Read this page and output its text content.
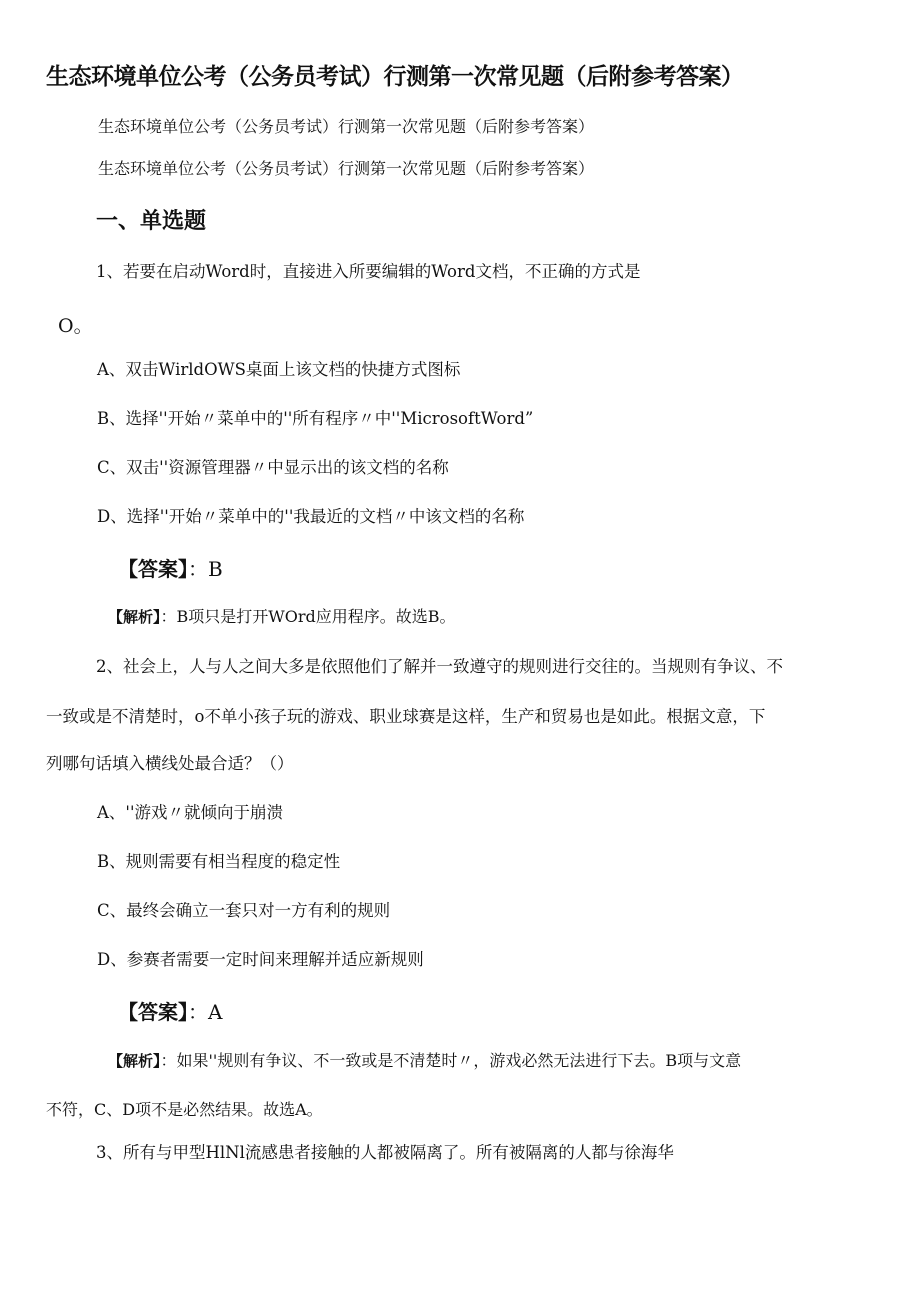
生态环境单位公考（公务员考试）行测第一次常见题（后附参考答案）
生态环境单位公考（公务员考试）行测第一次常见题（后附参考答案）
生态环境单位公考（公务员考试）行测第一次常见题（后附参考答案）
一、单选题
1、若要在启动Word时，直接进入所要编辑的Word文档，不正确的方式是
O。
A、双击WirldOWS桌面上该文档的快捷方式图标
B、选择''开始〃菜单中的''所有程序〃中''MicrosoftWord”
C、双击''资源管理器〃中显示出的该文档的名称
D、选择''开始〃菜单中的''我最近的文档〃中该文档的名称
【答案】：B
【解析】：B项只是打开WOrd应用程序。故选B。
2、社会上，人与人之间大多是依照他们了解并一致遵守的规则进行交往的。当规则有争议、不
一致或是不清楚时，o不单小孩子玩的游戏、职业球赛是这样，生产和贸易也是如此。根据文意，下
列哪句话填入横线处最合适？（）
A、''游戏〃就倾向于崩溃
B、规则需要有相当程度的稳定性
C、最终会确立一套只对一方有利的规则
D、参赛者需要一定时间来理解并适应新规则
【答案】：A
【解析】：如果''规则有争议、不一致或是不清楚时〃，游戏必然无法进行下去。B项与文意
不符，C、D项不是必然结果。故选A。
3、所有与甲型HlNl流感患者接触的人都被隔离了。所有被隔离的人都与徐海华
